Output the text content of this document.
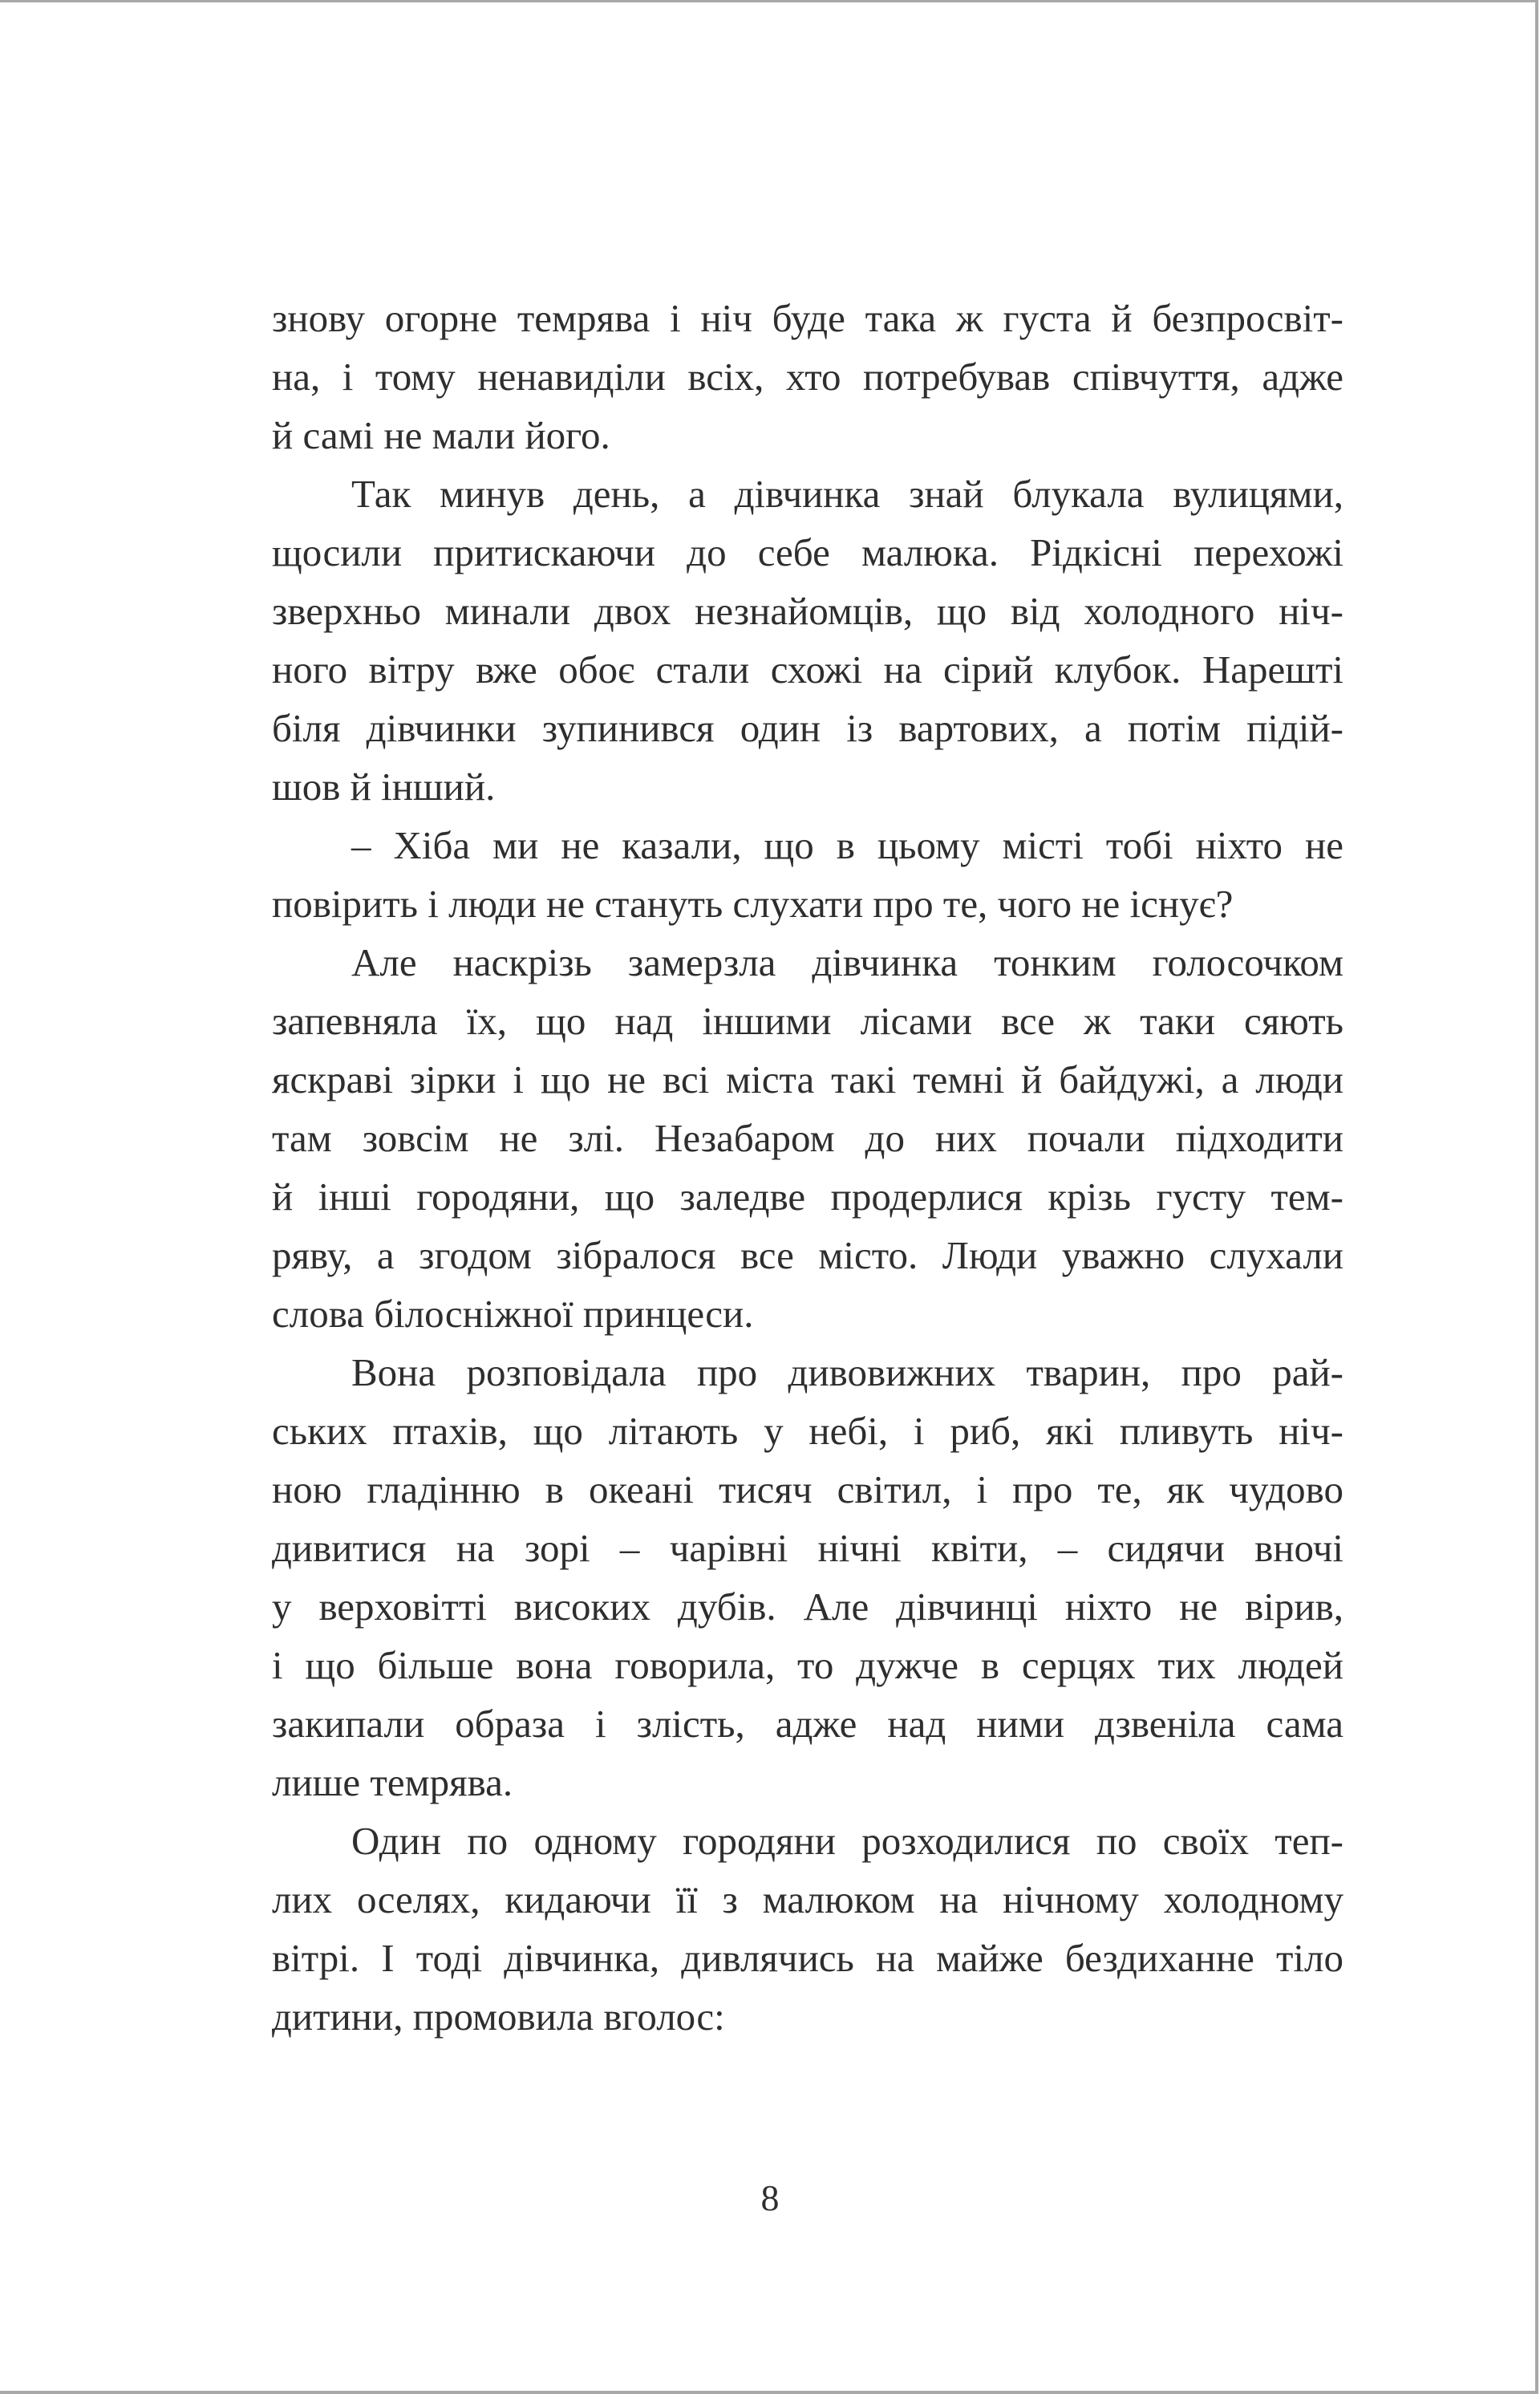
знову огорне темрява і ніч буде така ж густа й безпросвіт-
на, і тому ненавиділи всіх, хто потребував співчуття, адже
й самі не мали його.
Так минув день, а дівчинка знай блукала вулицями,
щосили притискаючи до себе малюка. Рідкісні перехожі
зверхньо минали двох незнайомців, що від холодного ніч-
ного вітру вже обоє стали схожі на сірий клубок. Нарешті
біля дівчинки зупинився один із вартових, а потім підій-
шов й інший.
– Хіба ми не казали, що в цьому місті тобі ніхто не
повірить і люди не стануть слухати про те, чого не існує?
Але наскрізь замерзла дівчинка тонким голосочком
запевняла їх, що над іншими лісами все ж таки сяють
яскраві зірки і що не всі міста такі темні й байдужі, а люди
там зовсім не злі. Незабаром до них почали підходити
й інші городяни, що заледве продерлися крізь густу тем-
ряву, а згодом зібралося все місто. Люди уважно слухали
слова білосніжної принцеси.
Вона розповідала про дивовижних тварин, про рай-
ських птахів, що літають у небі, і риб, які пливуть ніч-
ною гладінню в океані тисяч світил, і про те, як чудово
дивитися на зорі – чарівні нічні квіти, – сидячи вночі
у верховітті високих дубів. Але дівчинці ніхто не вірив,
і що більше вона говорила, то дужче в серцях тих людей
закипали образа і злість, адже над ними дзвеніла сама
лише темрява.
Один по одному городяни розходилися по своїх теп-
лих оселях, кидаючи її з малюком на нічному холодному
вітрі. І тоді дівчинка, дивлячись на майже бездиханне тіло
дитини, промовила вголос:
8
